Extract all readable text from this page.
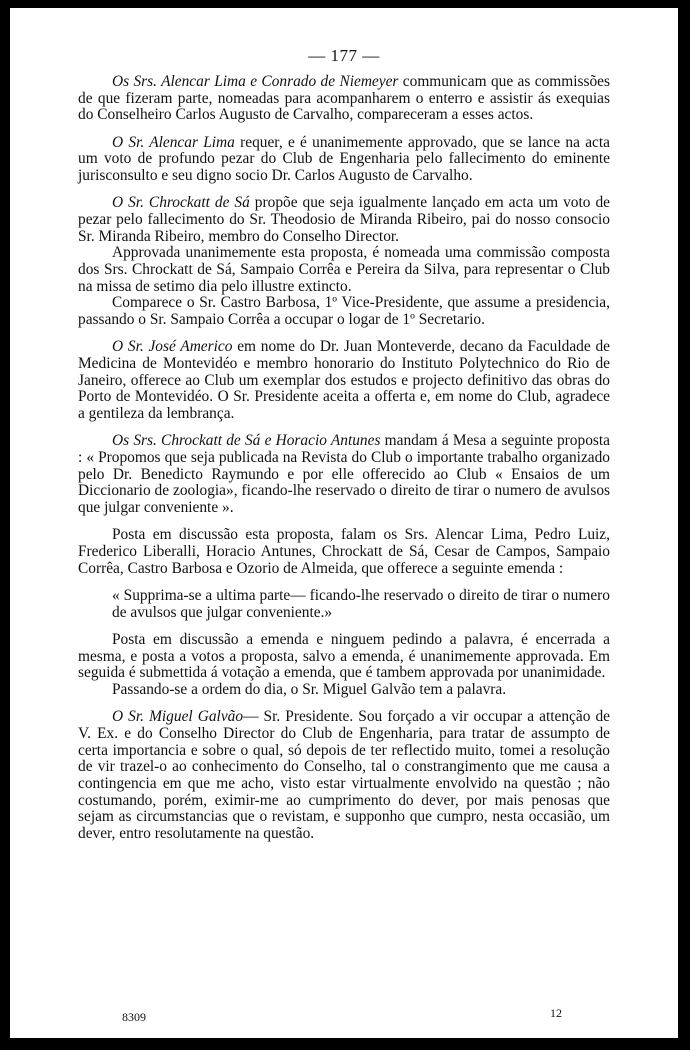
— 177 —

Os Srs. Alencar Lima e Conrado de Niemeyer communicam que as commissões de que fizeram parte, nomeadas para acompanharem o enterro e assistir ás exequias do Conselheiro Carlos Augusto de Carvalho, compareceram a esses actos.

O Sr. Alencar Lima requer, e é unanimemente approvado, que se lance na acta um voto de profundo pezar do Club de Engenharia pelo fallecimento do eminente jurisconsulto e seu digno socio Dr. Carlos Augusto de Carvalho.

O Sr. Chrockatt de Sá propõe que seja igualmente lançado em acta um voto de pezar pelo fallecimento do Sr. Theodosio de Miranda Ribeiro, pai do nosso consocio Sr. Miranda Ribeiro, membro do Conselho Director.

Approvada unanimemente esta proposta, é nomeada uma commissão composta dos Srs. Chrockatt de Sá, Sampaio Corrêa e Pereira da Silva, para representar o Club na missa de setimo dia pelo illustre extincto.

Comparece o Sr. Castro Barbosa, 1º Vice-Presidente, que assume a presidencia, passando o Sr. Sampaio Corrêa a occupar o logar de 1º Secretario.

O Sr. José Americo em nome do Dr. Juan Monteverde, decano da Faculdade de Medicina de Montevidéo e membro honorario do Instituto Polytechnico do Rio de Janeiro, offerece ao Club um exemplar dos estudos e projecto definitivo das obras do Porto de Montevidéo. O Sr. Presidente aceita a offerta e, em nome do Club, agradece a gentileza da lembrança.

Os Srs. Chrockatt de Sá e Horacio Antunes mandam á Mesa a seguinte proposta : « Propomos que seja publicada na Revista do Club o importante trabalho organizado pelo Dr. Benedicto Raymundo e por elle offerecido ao Club « Ensaios de um Diccionario de zoologia», ficando-lhe reservado o direito de tirar o numero de avulsos que julgar conveniente ».

Posta em discussão esta proposta, falam os Srs. Alencar Lima, Pedro Luiz, Frederico Liberalli, Horacio Antunes, Chrockatt de Sá, Cesar de Campos, Sampaio Corrêa, Castro Barbosa e Ozorio de Almeida, que offerece a seguinte emenda :

« Supprima-se a ultima parte— ficando-lhe reservado o direito de tirar o numero de avulsos que julgar conveniente.»

Posta em discussão a emenda e ninguem pedindo a palavra, é encerrada a mesma, e posta a votos a proposta, salvo a emenda, é unanimemente approvada. Em seguida é submettida á votação a emenda, que é tambem approvada por unanimidade.

Passando-se a ordem do dia, o Sr. Miguel Galvão tem a palavra.

O Sr. Miguel Galvão— Sr. Presidente. Sou forçado a vir occupar a attenção de V. Ex. e do Conselho Director do Club de Engenharia, para tratar de assumpto de certa importancia e sobre o qual, só depois de ter reflectido muito, tomei a resolução de vir trazel-o ao conhecimento do Conselho, tal o constrangimento que me causa a contingencia em que me acho, visto estar virtualmente envolvido na questão ; não costumando, porém, eximir-me ao cumprimento do dever, por mais penosas que sejam as circumstancias que o revistam, e supponho que cumpro, nesta occasião, um dever, entro resolutamente na questão.

8309	12
